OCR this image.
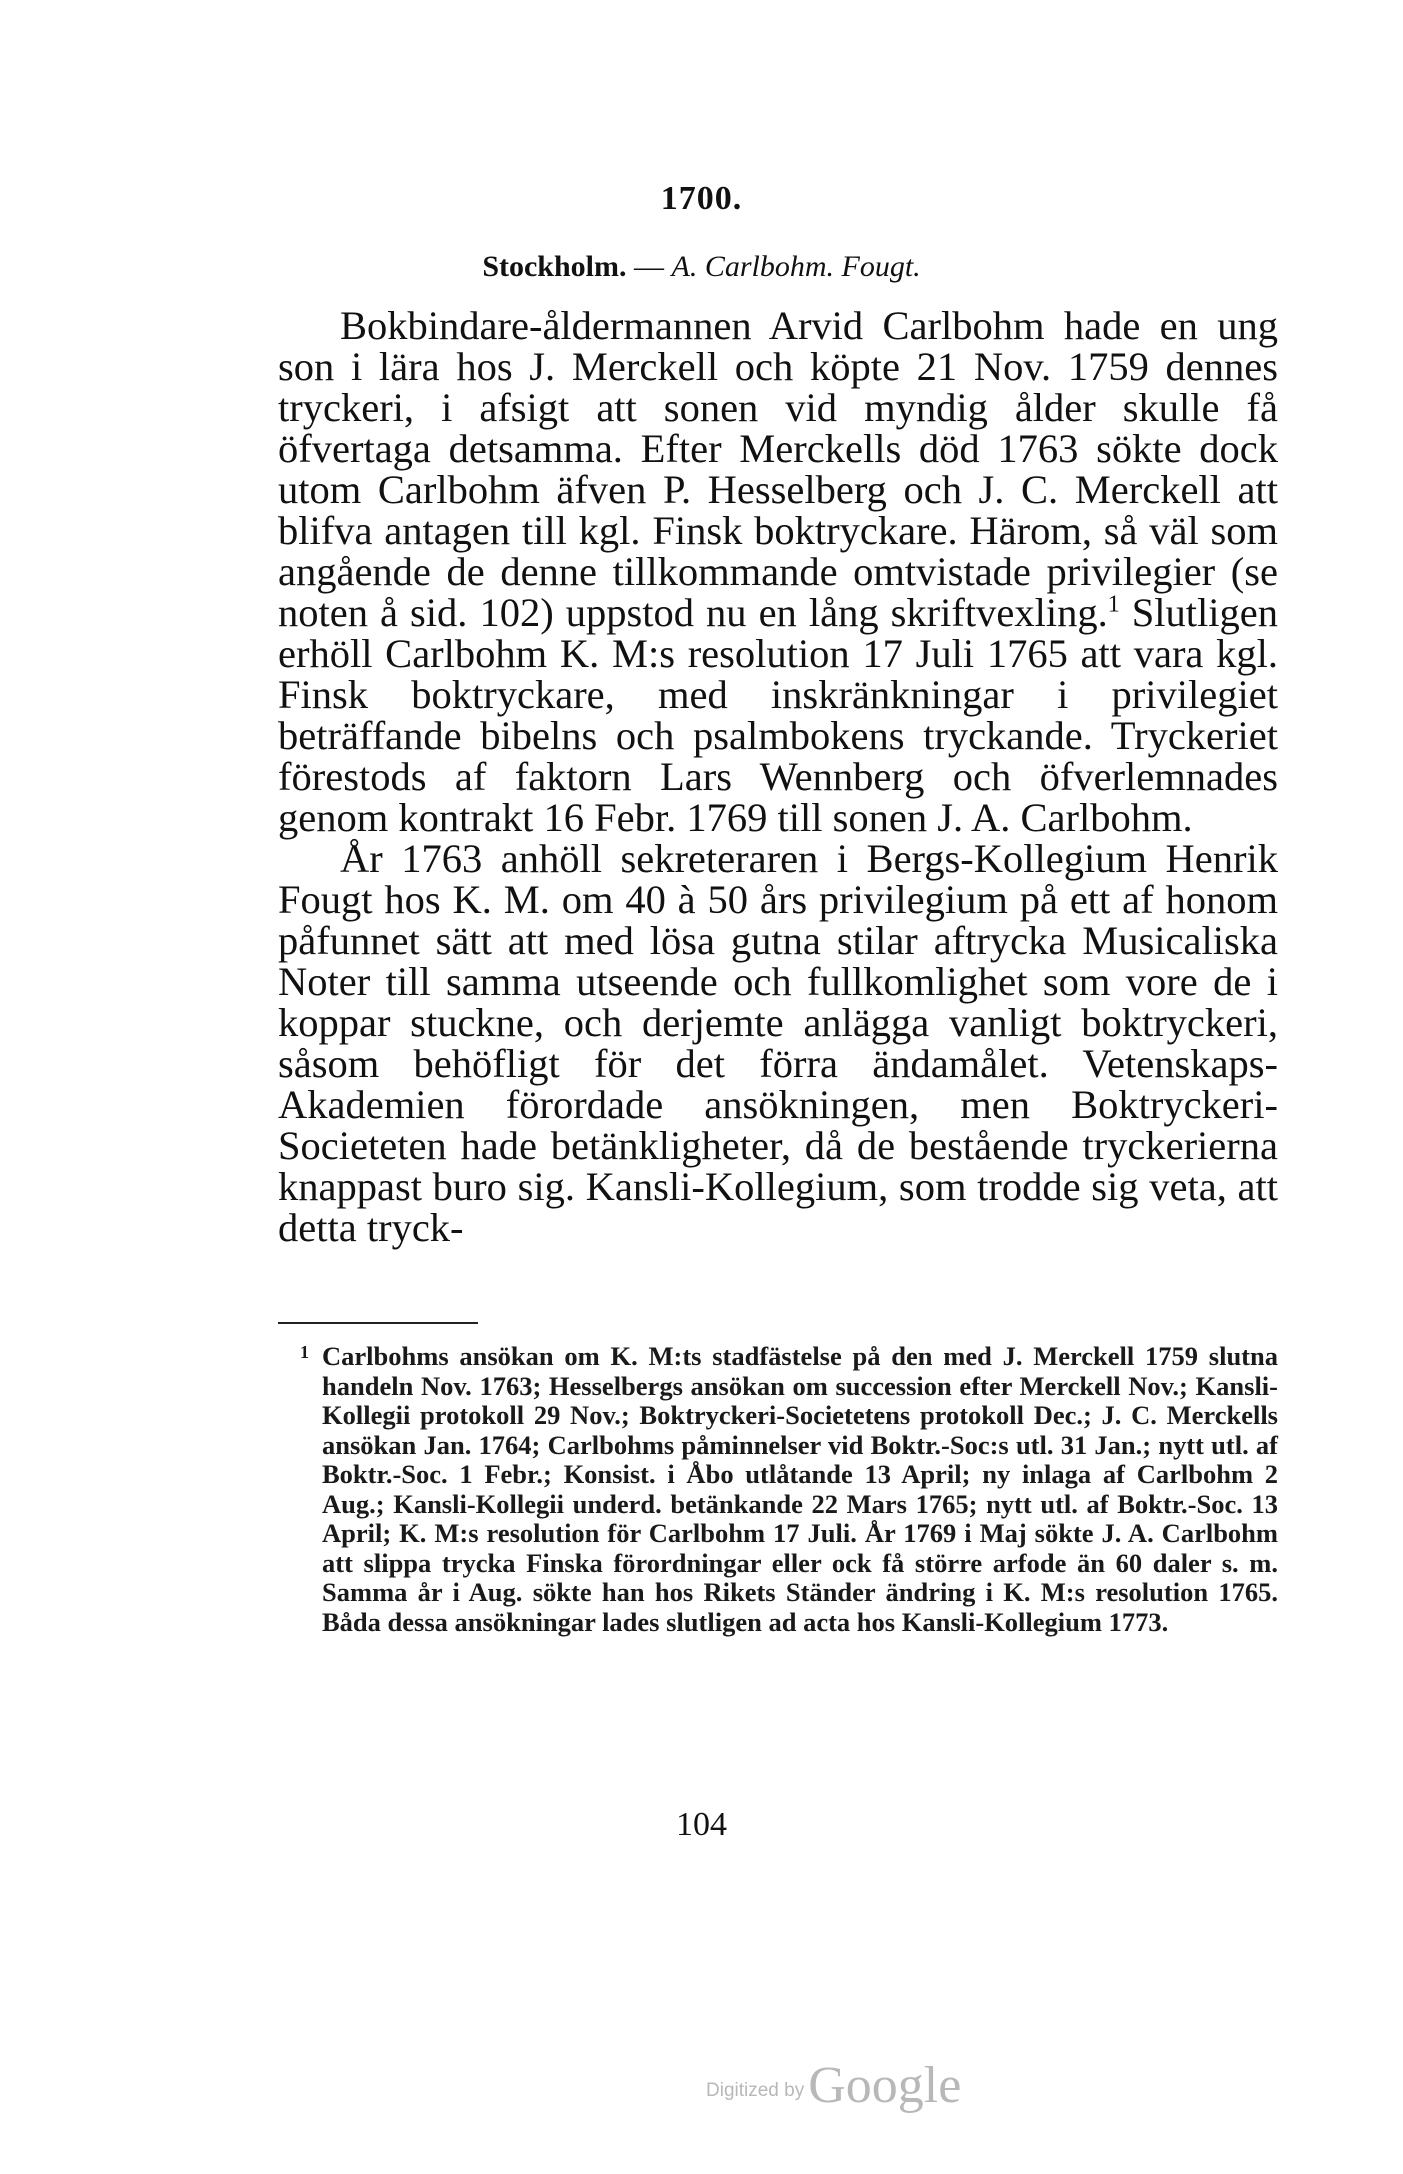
1700.
Stockholm. — A. Carlbohm. Fougt.

Bokbindare-åldermannen Arvid Carlbohm hade en ung son i lära hos J. Merckell och köpte 21 Nov. 1759 dennes tryckeri, i afsigt att sonen vid myndig ålder skulle få öfvertaga detsamma. Efter Merckells död 1763 sökte dock utom Carlbohm äfven P. Hesselberg och J. C. Merckell att blifva antagen till kgl. Finsk boktryckare. Härom, så väl som angående de denne tillkommande omtvistade privilegier (se noten å sid. 102) uppstod nu en lång skriftvexling.$^1$ Slutligen erhöll Carlbohm K. M:s resolution 17 Juli 1765 att vara kgl. Finsk boktryckare, med inskränkningar i privilegiet beträffande bibelns och psalmbokens tryckande. Tryckeriet förestods af faktorn Lars Wennberg och öfverlemnades genom kontrakt 16 Febr. 1769 till sonen J. A. Carlbohm.

År 1763 anhöll sekreteraren i Bergs-Kollegium Henrik Fougt hos K. M. om 40 à 50 års privilegium på ett af honom påfunnet sätt att med lösa gutna stilar aftrycka Musicaliska Noter till samma utseende och fullkomlighet som vore de i koppar stuckne, och derjemte anlägga vanligt boktryckeri, såsom behöfligt för det förra ändamålet. Vetenskaps-Akademien förordade ansökningen, men Boktryckeri-Societeten hade betänkligheter, då de bestående tryckerierna knappast buro sig. Kansli-Kollegium, som trodde sig veta, att detta tryck-

1 Carlbohms ansökan om K. M:ts stadfästelse på den med J. Merckell 1759 slutna handeln Nov. 1763; Hesselbergs ansökan om succession efter Merckell Nov.; Kansli-Kollegii protokoll 29 Nov.; Boktryckeri-Societetens protokoll Dec.; J. C. Merckells ansökan Jan. 1764; Carlbohms påminnelser vid Boktr.-Soc:s utl. 31 Jan.; nytt utl. af Boktr.-Soc. 1 Febr.; Konsist. i Åbo utlåtande 13 April; ny inlaga af Carlbohm 2 Aug.; Kansli-Kollegii underd. betänkande 22 Mars 1765; nytt utl. af Boktr.-Soc. 13 April; K. M:s resolution för Carlbohm 17 Juli. År 1769 i Maj sökte J. A. Carlbohm att slippa trycka Finska förordningar eller ock få större arfode än 60 daler s. m. Samma år i Aug. sökte han hos Rikets Ständer ändring i K. M:s resolution 1765. Båda dessa ansökningar lades slutligen ad acta hos Kansli-Kollegium 1773.
104
Digitized by Google
